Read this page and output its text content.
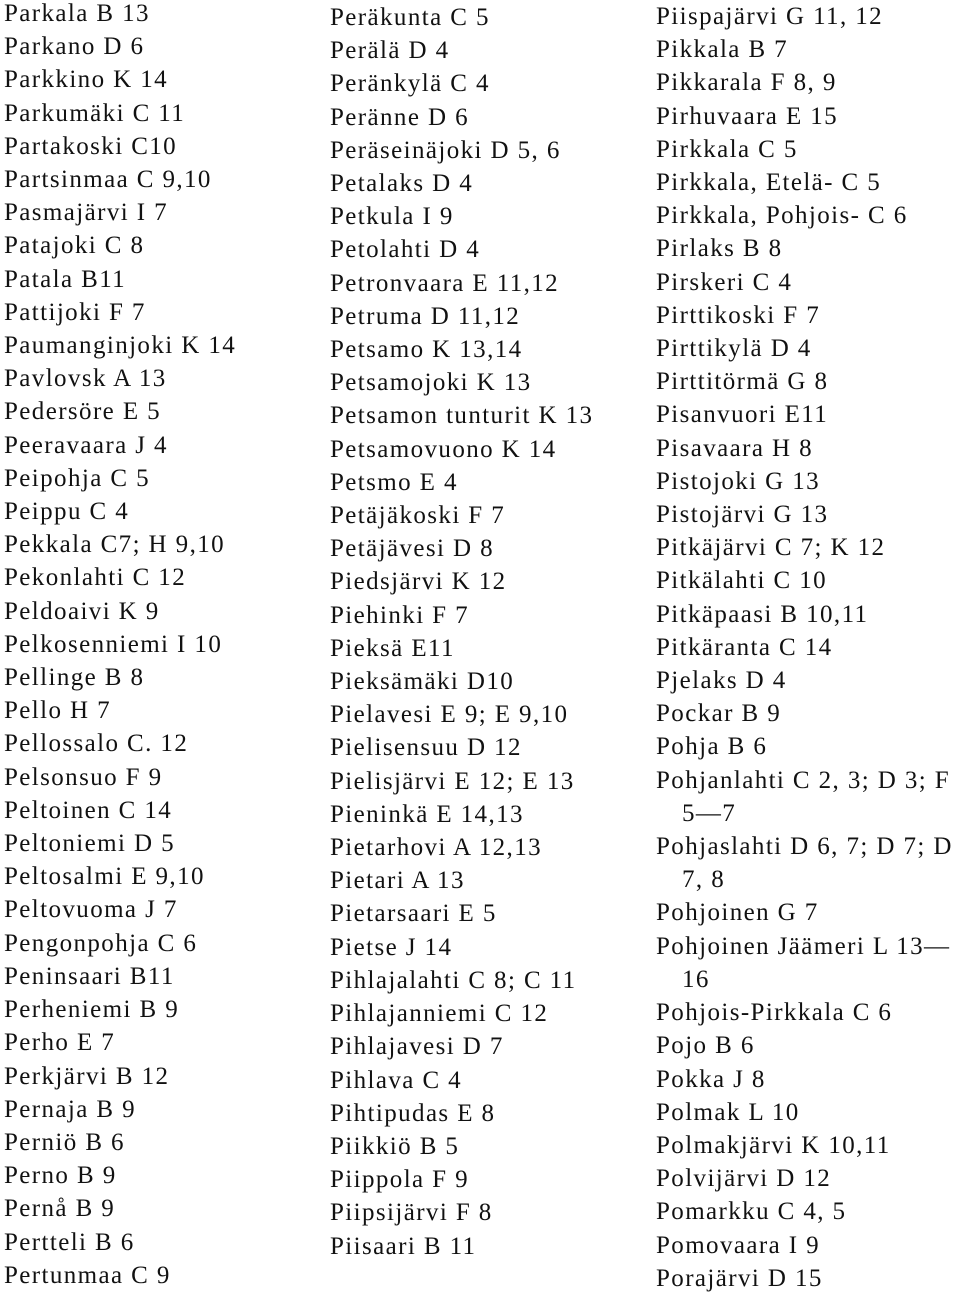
Parkala B 13
Parkano D 6
Parkkino K 14
Parkumäki C 11
Partakoski C10
Partsinmaa C 9,10
Pasmajärvi I 7
Patajoki C 8
Patala B11
Pattijoki F 7
Paumanginjoki K 14
Pavlovsk A 13
Pedersöre E 5
Peeravaara J 4
Peipohja C 5
Peippu C 4
Pekkala C7; H 9,10
Pekonlahti C 12
Peldoaivi K 9
Pelkosenniemi I 10
Pellinge B 8
Pello H 7
Pellossalo C. 12
Pelsonsuo F 9
Peltoinen C 14
Peltoniemi D 5
Peltosalmi E 9,10
Peltovuoma J 7
Pengonpohja C 6
Peninsaari B11
Perheniemi B 9
Perho E 7
Perkjärvi B 12
Pernaja B 9
Perniö B 6
Perno B 9
Pernå B 9
Pertteli B 6
Pertunmaa C 9
Peräkunta C 5
Perälä D 4
Peränkylä C 4
Peränne D 6
Peräseinäjoki D 5, 6
Petalaks D 4
Petkula I 9
Petolahti D 4
Petronvaara E 11,12
Petruma D 11,12
Petsamo K 13,14
Petsamojoki K 13
Petsamon tunturit K 13
Petsamovuono K 14
Petsmo E 4
Petäjäkoski F 7
Petäjävesi D 8
Piedsjärvi K 12
Piehinki F 7
Pieksä E11
Pieksämäki D10
Pielavesi E 9; E 9,10
Pielisensuu D 12
Pielisjärvi E 12; E 13
Pieninkä E 14,13
Pietarhovi A 12,13
Pietari A 13
Pietarsaari E 5
Pietse J 14
Pihlajalahti C 8; C 11
Pihlajanniemi C 12
Pihlajavesi D 7
Pihlava C 4
Pihtipudas E 8
Piikkiö B 5
Piippola F 9
Piipsijärvi F 8
Piisaari B 11
Piispajärvi G 11, 12
Pikkala B 7
Pikkarala F 8, 9
Pirhuvaara E 15
Pirkkala C 5
Pirkkala, Etelä- C 5
Pirkkala, Pohjois- C 6
Pirlaks B 8
Pirskeri C 4
Pirttikoski F 7
Pirttikylä D 4
Pirttitörmä G 8
Pisanvuori E11
Pisavaara H 8
Pistojoki G 13
Pistojärvi G 13
Pitkäjärvi C 7; K 12
Pitkälahti C 10
Pitkäpaasi B 10,11
Pitkäranta C 14
Pjelaks D 4
Pockar B 9
Pohja B 6
Pohjanlahti C 2, 3; D 3; F 5—7
Pohjaslahti D 6, 7; D 7; D 7, 8
Pohjoinen G 7
Pohjoinen Jäämeri L 13—16
Pohjois-Pirkkala C 6
Pojo B 6
Pokka J 8
Polmak L 10
Polmakjärvi K 10,11
Polvijärvi D 12
Pomarkku C 4, 5
Pomovaara I 9
Porajärvi D 15
